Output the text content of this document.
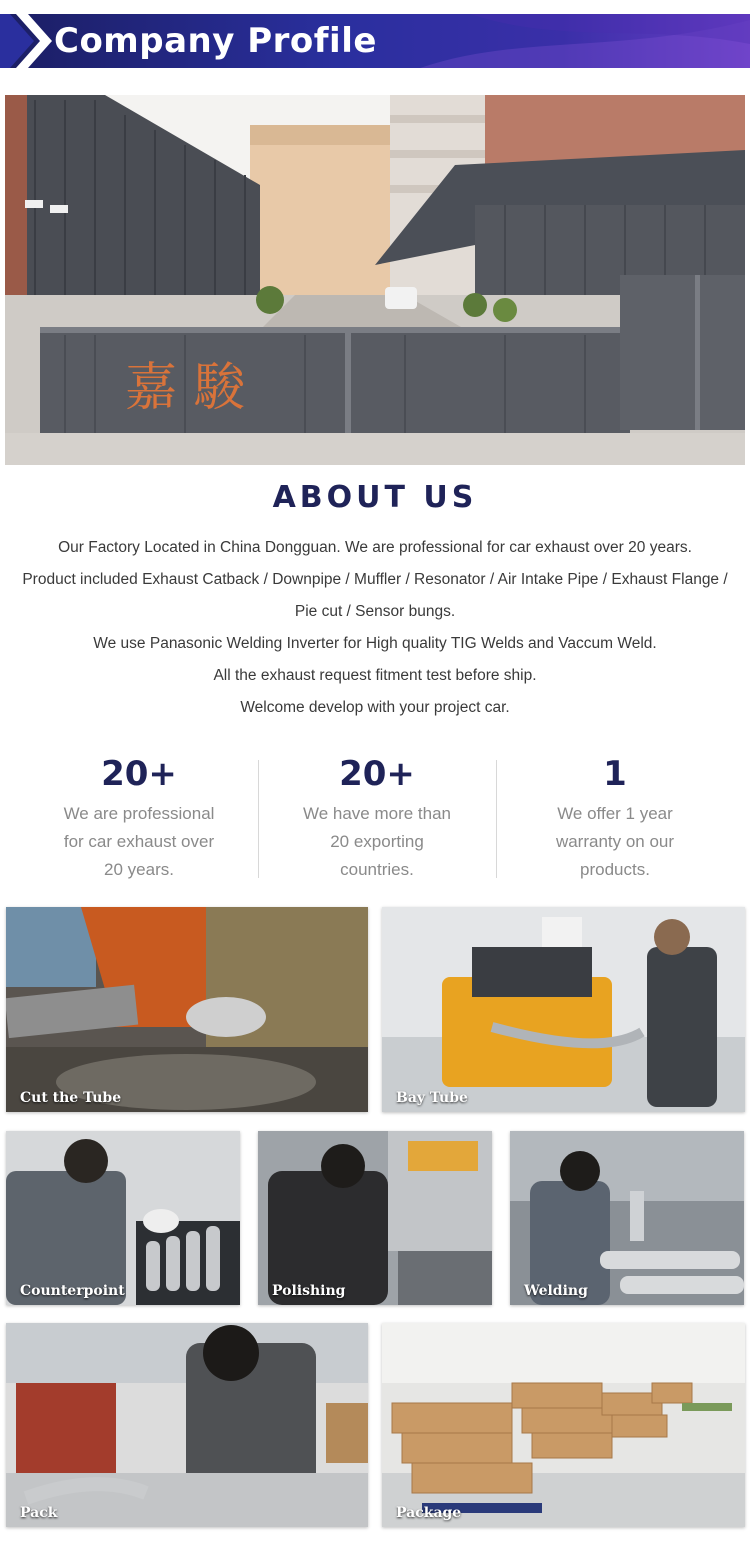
Company Profile
嘉 駿
ABOUT US

Our Factory Located in China Dongguan. We are professional for car exhaust over 20 years.

Product included Exhaust Catback / Downpipe / Muffler / Resonator / Air Intake Pipe / Exhaust Flange / Pie cut / Sensor bungs.

We use Panasonic Welding Inverter for High quality TIG Welds and Vaccum Weld.

All the exhaust request fitment test before ship.

Welcome develop with your project car.

20+
We are professional for car exhaust over 20 years.
20+
We have more than 20 exporting countries.
1
We offer 1 year warranty on our products.
Cut the Tube	Bay Tube
Counterpoint	Polishing	Welding
Pack	Package
